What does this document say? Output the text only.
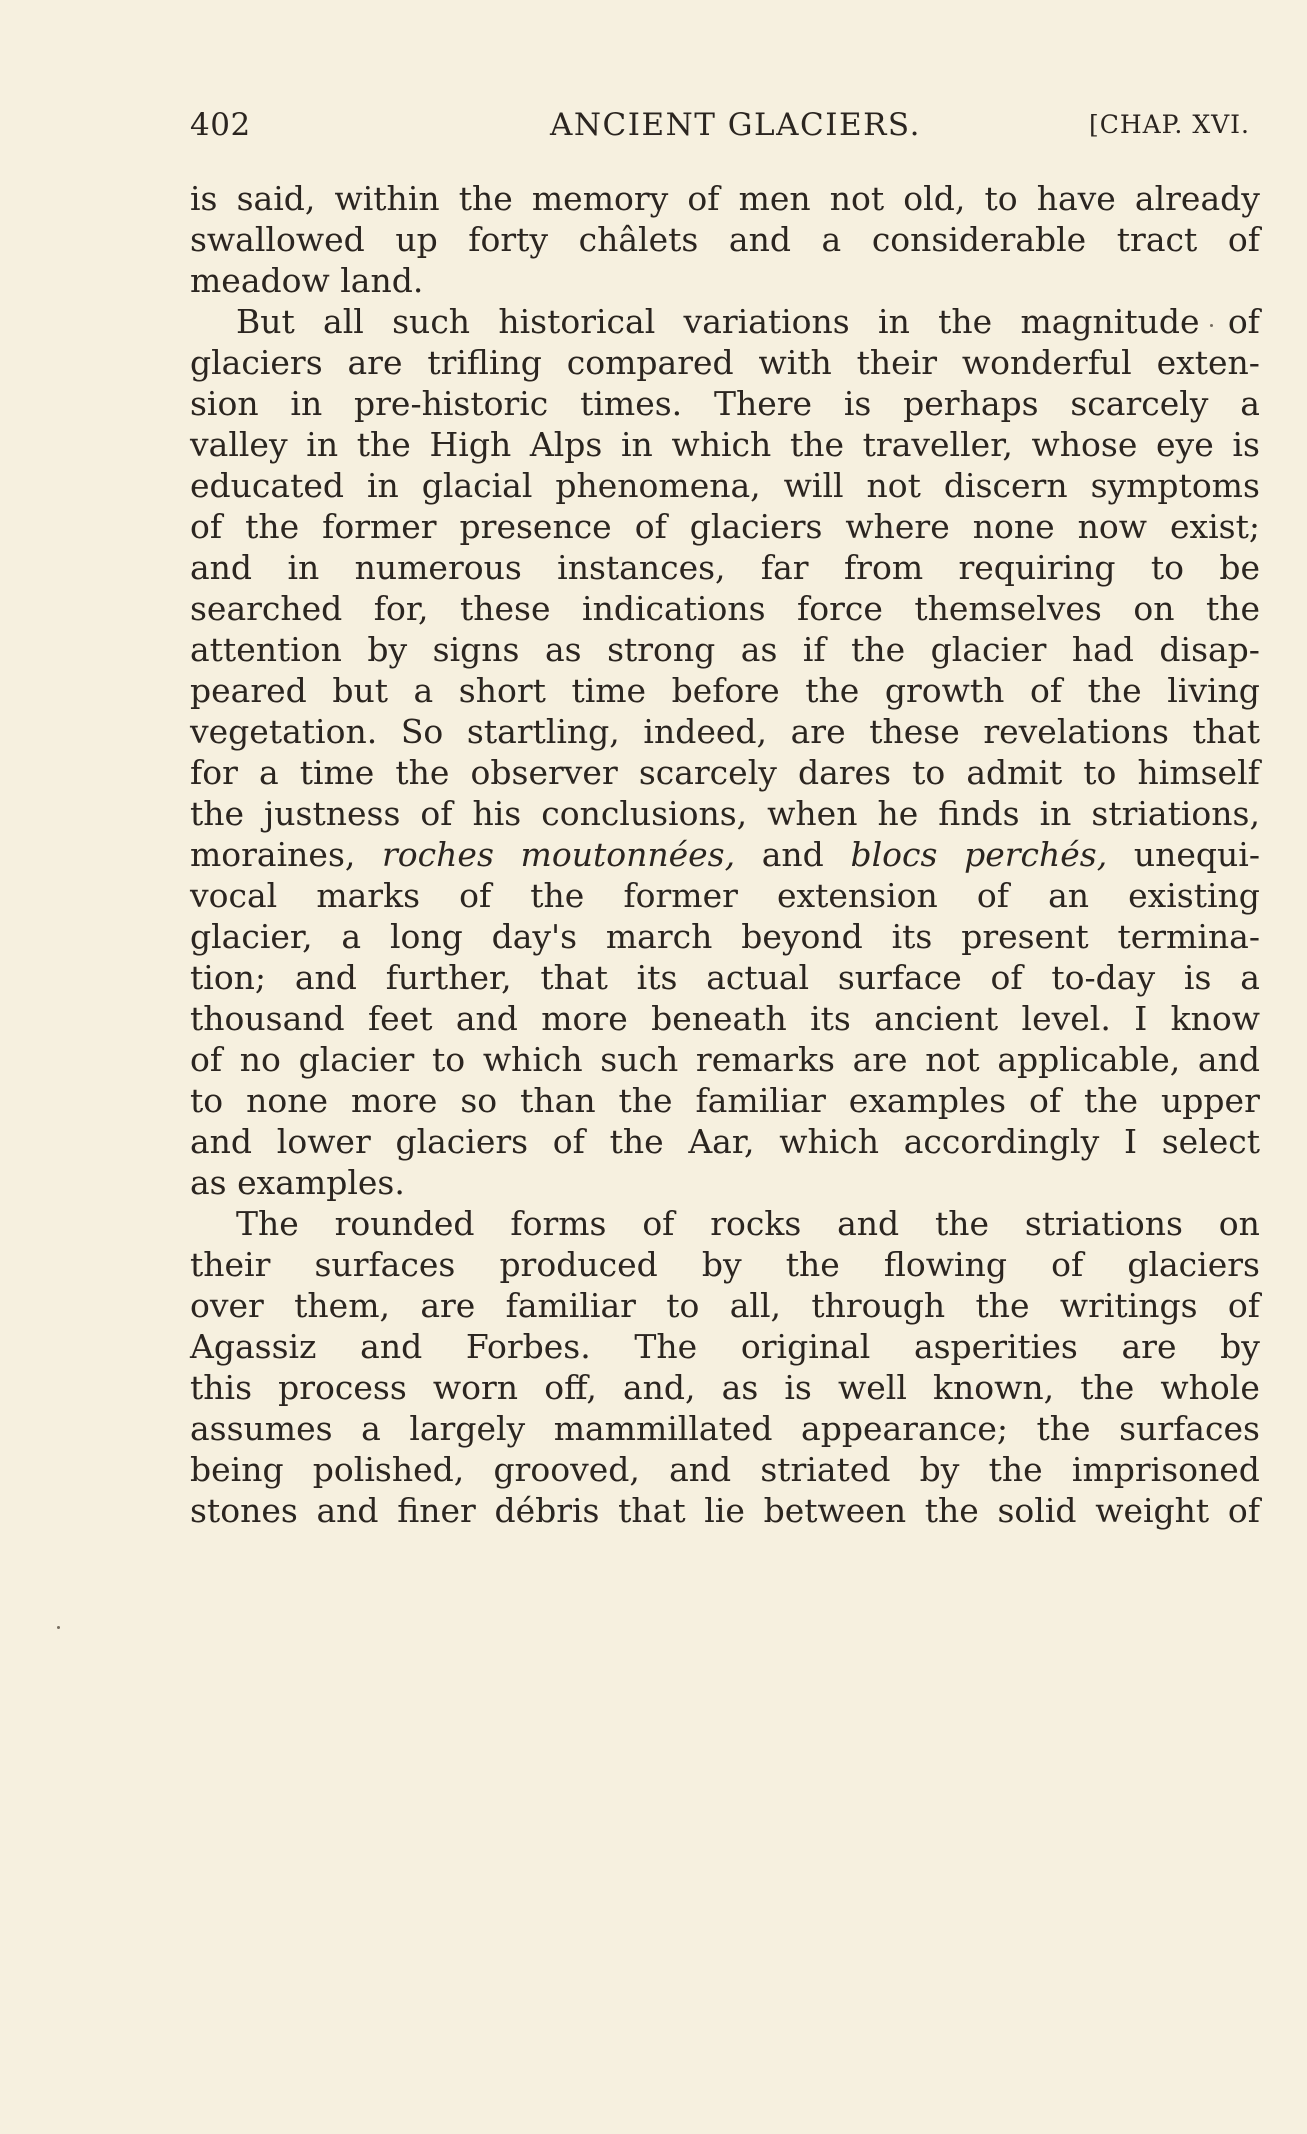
402	ANCIENT GLACIERS.	[CHAP. XVI.
is said, within the memory of men not old, to have already
swallowed up forty châlets and a considerable tract of
meadow land.
But all such historical variations in the magnitude of
glaciers are trifling compared with their wonderful exten-
sion in pre-historic times. There is perhaps scarcely a
valley in the High Alps in which the traveller, whose eye is
educated in glacial phenomena, will not discern symptoms
of the former presence of glaciers where none now exist;
and in numerous instances, far from requiring to be
searched for, these indications force themselves on the
attention by signs as strong as if the glacier had disap-
peared but a short time before the growth of the living
vegetation. So startling, indeed, are these revelations that
for a time the observer scarcely dares to admit to himself
the justness of his conclusions, when he finds in striations,
moraines, roches moutonnées, and blocs perchés, unequi-
vocal marks of the former extension of an existing
glacier, a long day's march beyond its present termina-
tion; and further, that its actual surface of to-day is a
thousand feet and more beneath its ancient level. I know
of no glacier to which such remarks are not applicable, and
to none more so than the familiar examples of the upper
and lower glaciers of the Aar, which accordingly I select
as examples.
The rounded forms of rocks and the striations on
their surfaces produced by the flowing of glaciers
over them, are familiar to all, through the writings of
Agassiz and Forbes. The original asperities are by
this process worn off, and, as is well known, the whole
assumes a largely mammillated appearance; the surfaces
being polished, grooved, and striated by the imprisoned
stones and finer débris that lie between the solid weight of
